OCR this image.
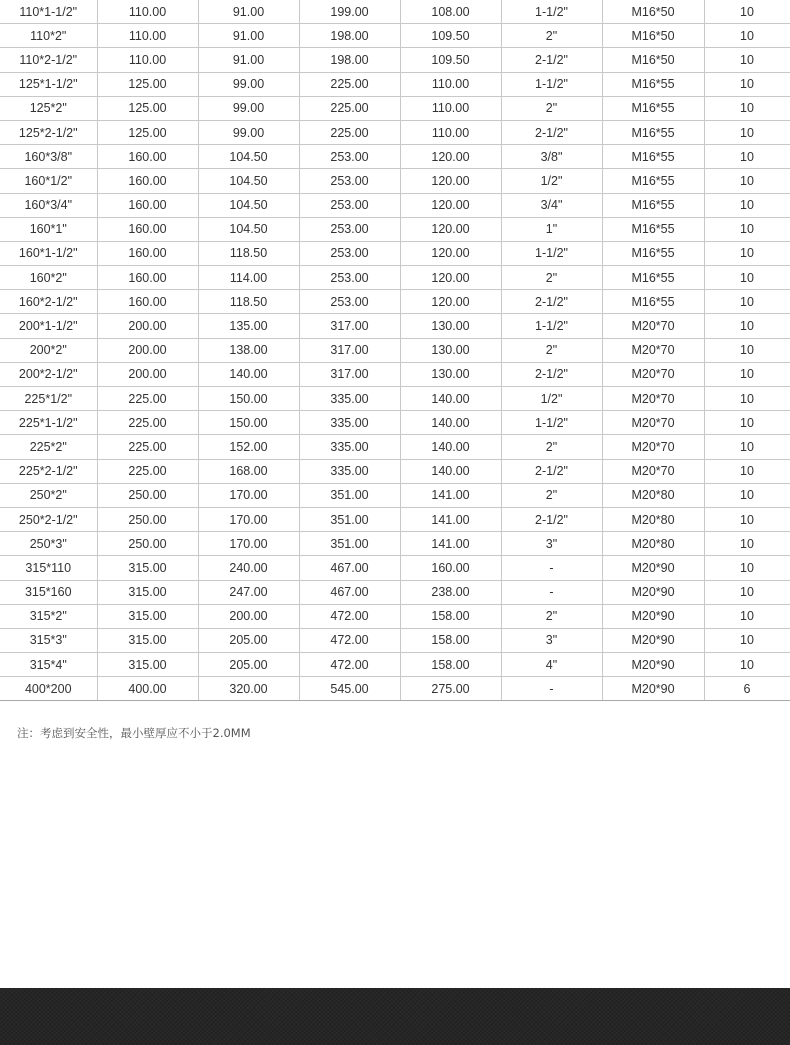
110*1-1/2"	110.00	91.00	199.00	108.00	1-1/2"	M16*50	10
110*2"	110.00	91.00	198.00	109.50	2"	M16*50	10
110*2-1/2"	110.00	91.00	198.00	109.50	2-1/2"	M16*50	10
125*1-1/2"	125.00	99.00	225.00	110.00	1-1/2"	M16*55	10
125*2"	125.00	99.00	225.00	110.00	2"	M16*55	10
125*2-1/2"	125.00	99.00	225.00	110.00	2-1/2"	M16*55	10
160*3/8"	160.00	104.50	253.00	120.00	3/8"	M16*55	10
160*1/2"	160.00	104.50	253.00	120.00	1/2"	M16*55	10
160*3/4"	160.00	104.50	253.00	120.00	3/4"	M16*55	10
160*1"	160.00	104.50	253.00	120.00	1"	M16*55	10
160*1-1/2"	160.00	118.50	253.00	120.00	1-1/2"	M16*55	10
160*2"	160.00	114.00	253.00	120.00	2"	M16*55	10
160*2-1/2"	160.00	118.50	253.00	120.00	2-1/2"	M16*55	10
200*1-1/2"	200.00	135.00	317.00	130.00	1-1/2"	M20*70	10
200*2"	200.00	138.00	317.00	130.00	2"	M20*70	10
200*2-1/2"	200.00	140.00	317.00	130.00	2-1/2"	M20*70	10
225*1/2"	225.00	150.00	335.00	140.00	1/2"	M20*70	10
225*1-1/2"	225.00	150.00	335.00	140.00	1-1/2"	M20*70	10
225*2"	225.00	152.00	335.00	140.00	2"	M20*70	10
225*2-1/2"	225.00	168.00	335.00	140.00	2-1/2"	M20*70	10
250*2"	250.00	170.00	351.00	141.00	2"	M20*80	10
250*2-1/2"	250.00	170.00	351.00	141.00	2-1/2"	M20*80	10
250*3"	250.00	170.00	351.00	141.00	3"	M20*80	10
315*110	315.00	240.00	467.00	160.00	-	M20*90	10
315*160	315.00	247.00	467.00	238.00	-	M20*90	10
315*2"	315.00	200.00	472.00	158.00	2"	M20*90	10
315*3"	315.00	205.00	472.00	158.00	3"	M20*90	10
315*4"	315.00	205.00	472.00	158.00	4"	M20*90	10
400*200	400.00	320.00	545.00	275.00	-	M20*90	6
注：考虑到安全性，最小壁厚应不小于2.0MM
